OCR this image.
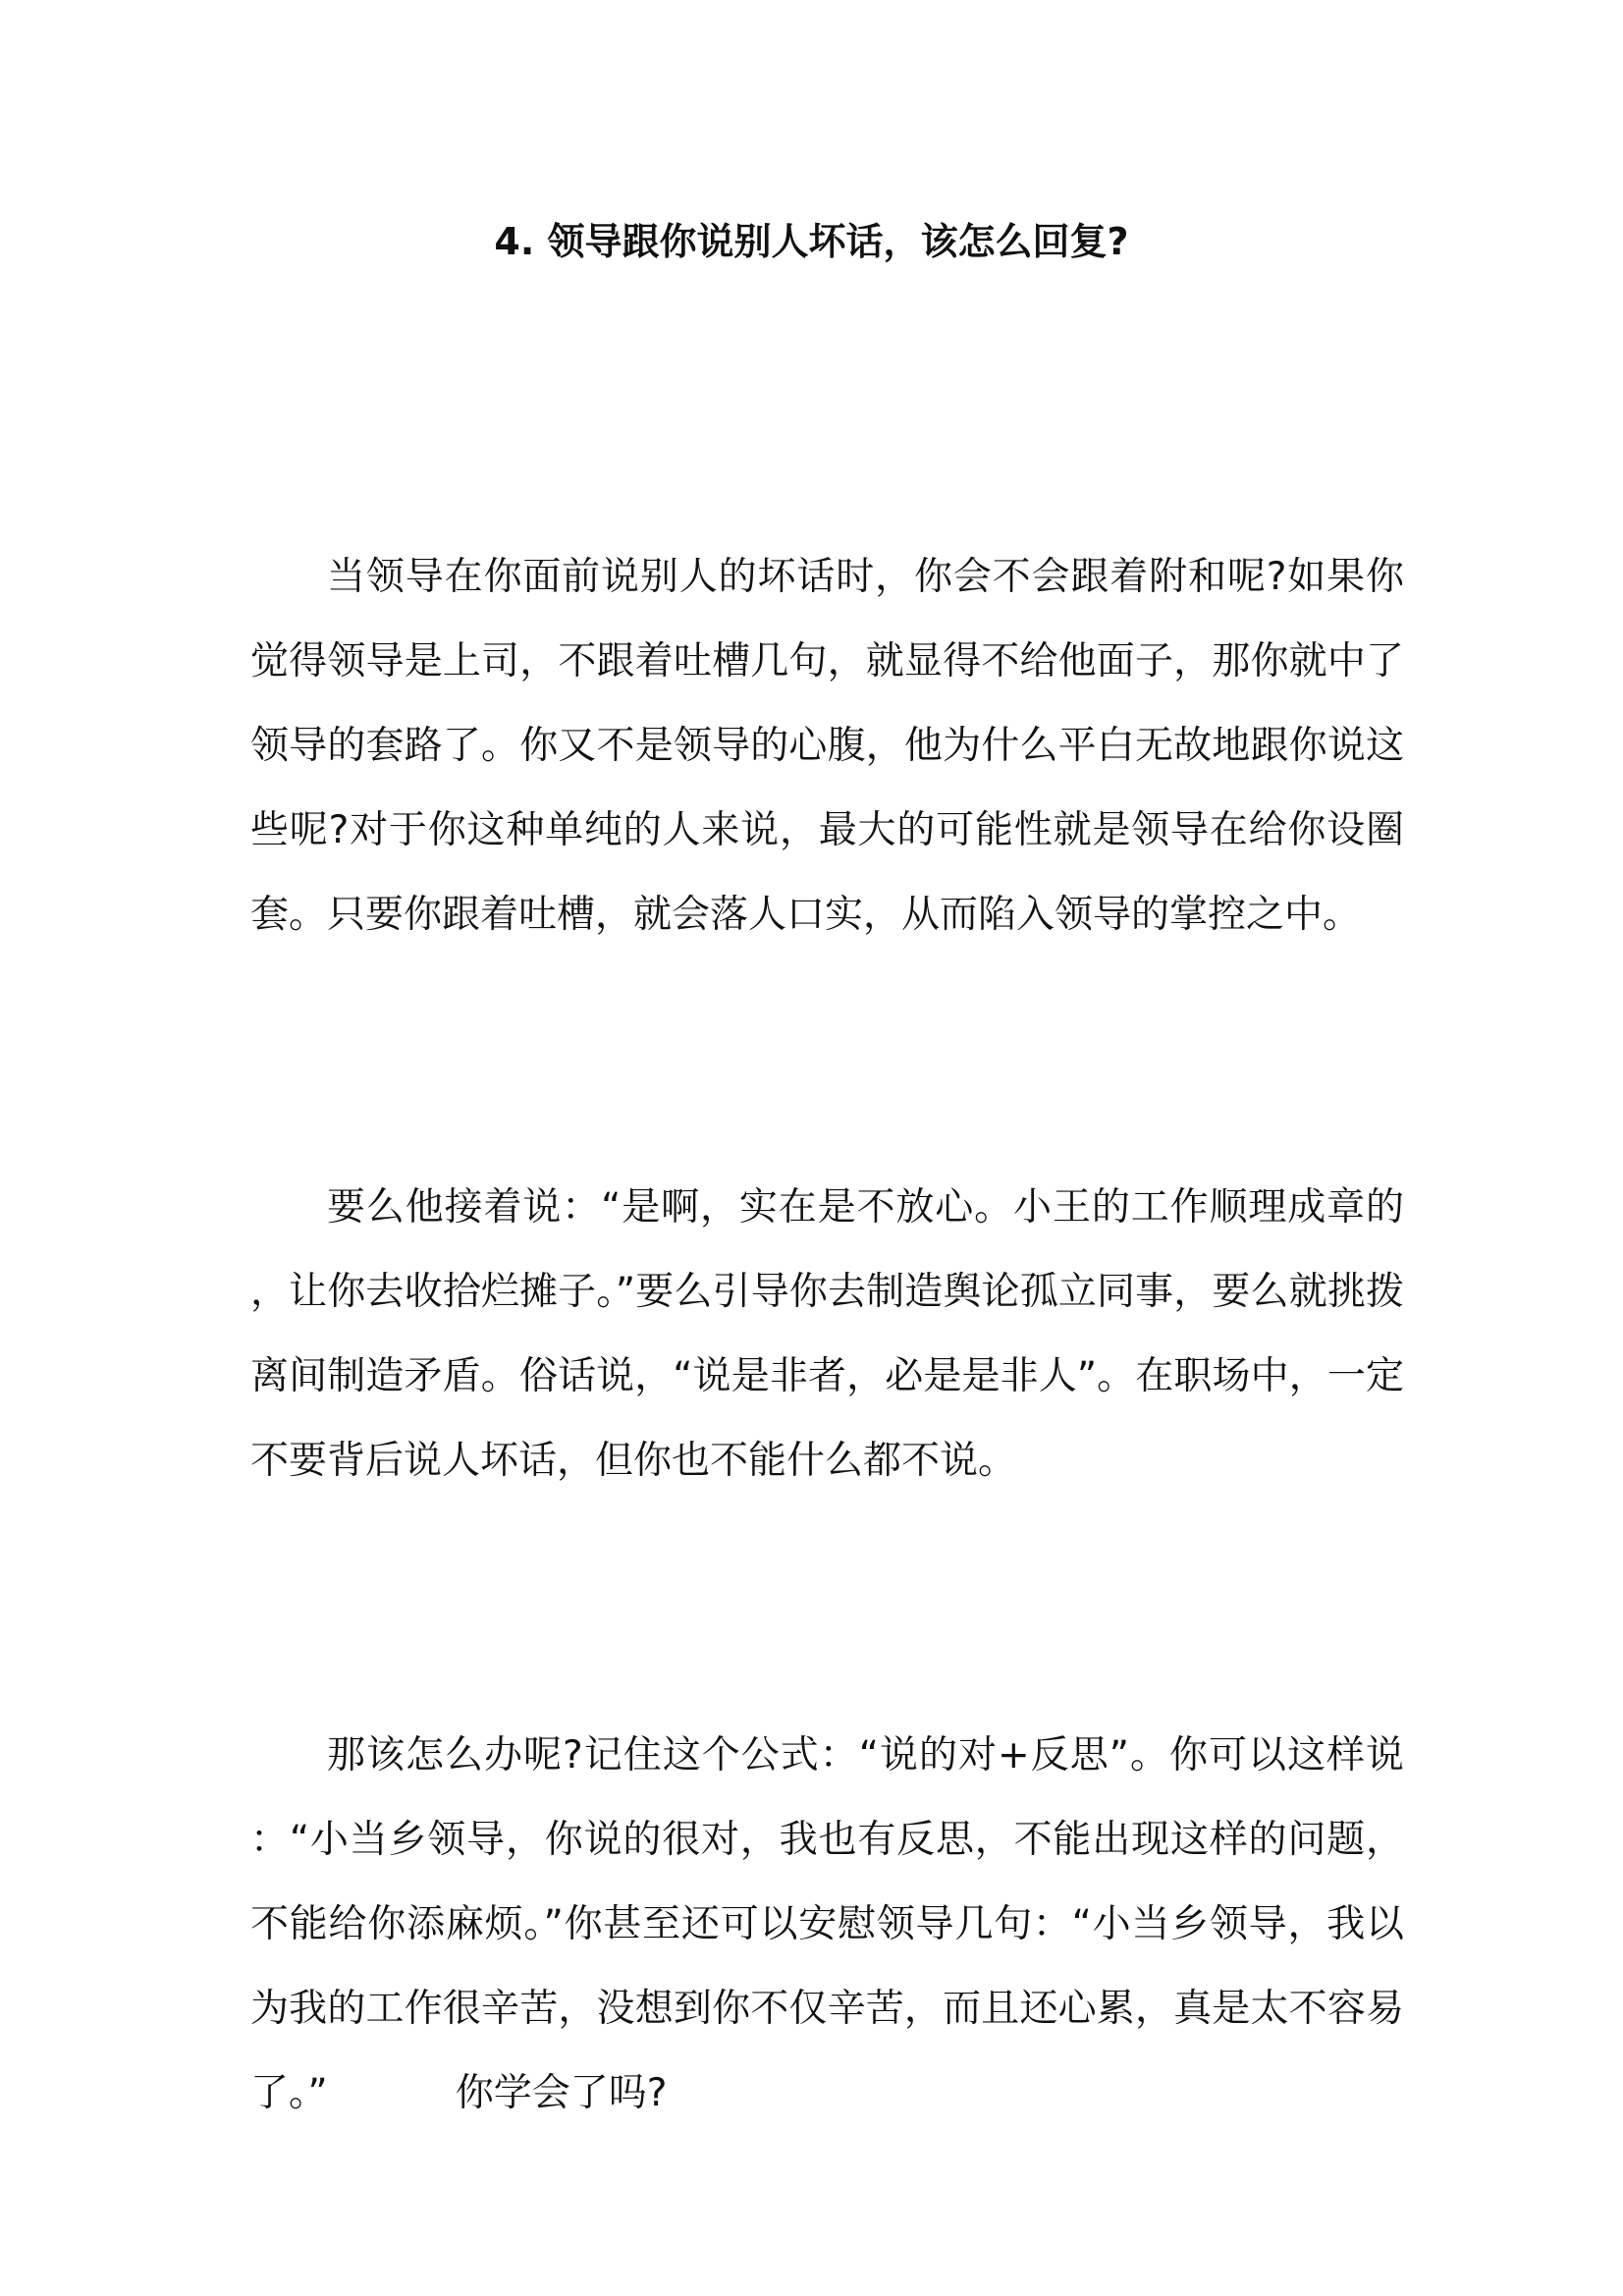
4. 领导跟你说别人坏话，该怎么回复?

当领导在你面前说别人的坏话时，你会不会跟着附和呢?如果你觉得领导是上司，不跟着吐槽几句，就显得不给他面子，那你就中了领导的套路了。你又不是领导的心腹，他为什么平白无故地跟你说这些呢?对于你这种单纯的人来说，最大的可能性就是领导在给你设圈套。只要你跟着吐槽，就会落人口实，从而陷入领导的掌控之中。

要么他接着说：“是啊，实在是不放心。小王的工作顺理成章的，让你去收拾烂摊子。”要么引导你去制造舆论孤立同事，要么就挑拨离间制造矛盾。俗话说，“说是非者，必是是非人”。在职场中，一定不要背后说人坏话，但你也不能什么都不说。

那该怎么办呢?记住这个公式：“说的对+反思”。你可以这样说：“小当乡领导，你说的很对，我也有反思，不能出现这样的问题，不能给你添麻烦。”你甚至还可以安慰领导几句：“小当乡领导，我以为我的工作很辛苦，没想到你不仅辛苦，而且还心累，真是太不容易了。”	你学会了吗?
